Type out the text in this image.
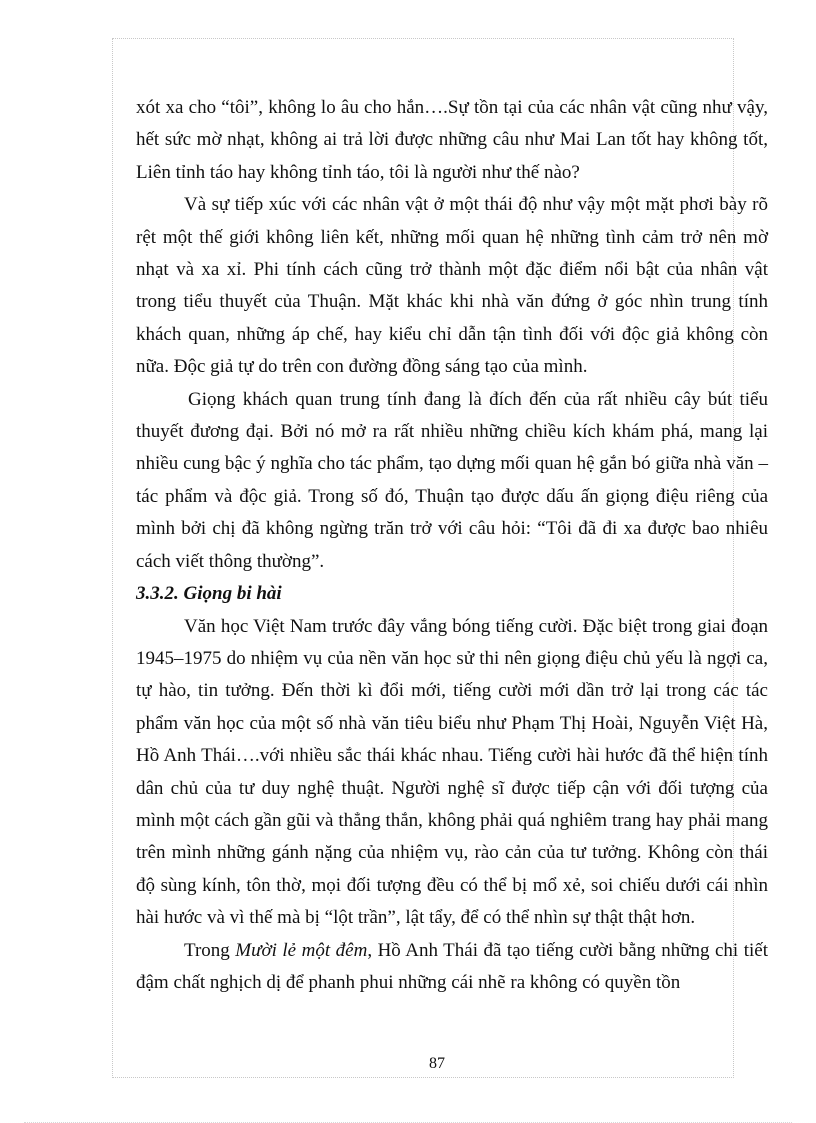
xót xa cho “tôi”, không lo âu cho hắn….Sự tồn tại của các nhân vật cũng như vậy, hết sức mờ nhạt, không ai trả lời được những câu như Mai Lan tốt hay không tốt, Liên tỉnh táo hay không tỉnh táo, tôi là người như thế nào?

Và sự tiếp xúc với các nhân vật ở một thái độ như vậy một mặt phơi bày rõ rệt một thế giới không liên kết, những mối quan hệ những tình cảm trở nên mờ nhạt và xa xỉ. Phi tính cách cũng trở thành một đặc điểm nổi bật của nhân vật trong tiểu thuyết của Thuận. Mặt khác khi nhà văn đứng ở góc nhìn trung tính khách quan, những áp chế, hay kiểu chỉ dẫn tận tình đối với độc giả không còn nữa. Độc giả tự do trên con đường đồng sáng tạo của mình.

Giọng khách quan trung tính đang là đích đến của rất nhiều cây bút tiểu thuyết đương đại. Bởi nó mở ra rất nhiều những chiều kích khám phá, mang lại nhiều cung bậc ý nghĩa cho tác phẩm, tạo dựng mối quan hệ gắn bó giữa nhà văn – tác phẩm và độc giả. Trong số đó, Thuận tạo được dấu ấn giọng điệu riêng của mình bởi chị đã không ngừng trăn trở với câu hỏi: “Tôi đã đi xa được bao nhiêu cách viết thông thường”.

3.3.2. Giọng bi hài

Văn học Việt Nam trước đây vắng bóng tiếng cười. Đặc biệt trong giai đoạn 1945–1975 do nhiệm vụ của nền văn học sử thi nên giọng điệu chủ yếu là ngợi ca, tự hào, tin tưởng. Đến thời kì đổi mới, tiếng cười mới dần trở lại trong các tác phẩm văn học của một số nhà văn tiêu biểu như Phạm Thị Hoài, Nguyễn Việt Hà, Hồ Anh Thái….với nhiều sắc thái khác nhau. Tiếng cười hài hước đã thể hiện tính dân chủ của tư duy nghệ thuật. Người nghệ sĩ được tiếp cận với đối tượng của mình một cách gần gũi và thẳng thắn, không phải quá nghiêm trang hay phải mang trên mình những gánh nặng của nhiệm vụ, rào cản của tư tưởng. Không còn thái độ sùng kính, tôn thờ, mọi đối tượng đều có thể bị mổ xẻ, soi chiếu dưới cái nhìn hài hước và vì thế mà bị “lột trần”, lật tẩy, để có thể nhìn sự thật thật hơn.

Trong Mười lẻ một đêm, Hồ Anh Thái đã tạo tiếng cười bằng những chi tiết đậm chất nghịch dị để phanh phui những cái nhẽ ra không có quyền tồn

87
